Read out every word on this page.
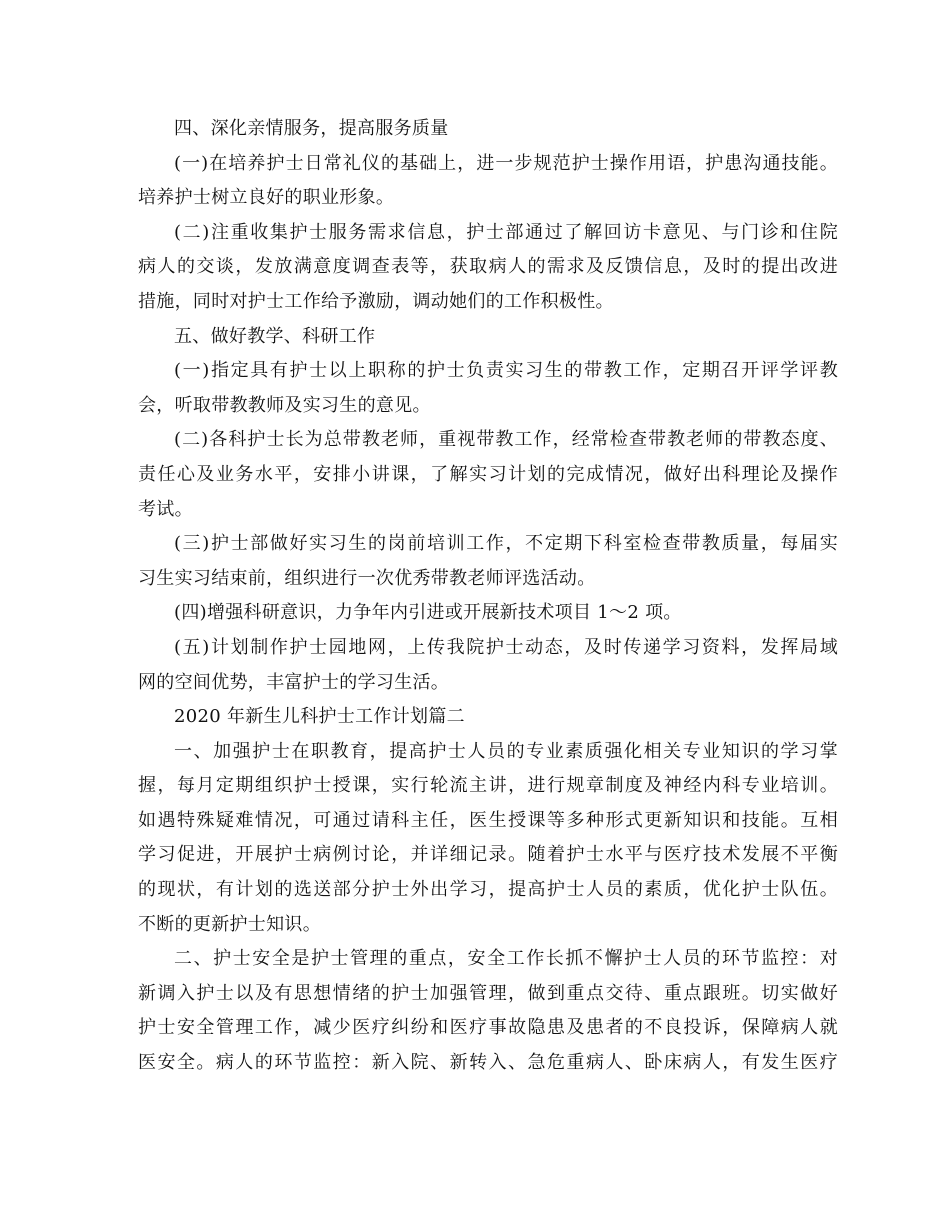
四、深化亲情服务，提高服务质量
(一)在培养护士日常礼仪的基础上，进一步规范护士操作用语，护患沟通技能。
培养护士树立良好的职业形象。
(二)注重收集护士服务需求信息，护士部通过了解回访卡意见、与门诊和住院
病人的交谈，发放满意度调查表等，获取病人的需求及反馈信息，及时的提出改进
措施，同时对护士工作给予激励，调动她们的工作积极性。
五、做好教学、科研工作
(一)指定具有护士以上职称的护士负责实习生的带教工作，定期召开评学评教
会，听取带教教师及实习生的意见。
(二)各科护士长为总带教老师，重视带教工作，经常检查带教老师的带教态度、
责任心及业务水平，安排小讲课，了解实习计划的完成情况，做好出科理论及操作
考试。
(三)护士部做好实习生的岗前培训工作，不定期下科室检查带教质量，每届实
习生实习结束前，组织进行一次优秀带教老师评选活动。
(四)增强科研意识，力争年内引进或开展新技术项目 1～2 项。
(五)计划制作护士园地网，上传我院护士动态，及时传递学习资料，发挥局域
网的空间优势，丰富护士的学习生活。
2020 年新生儿科护士工作计划篇二
一、加强护士在职教育，提高护士人员的专业素质强化相关专业知识的学习掌
握，每月定期组织护士授课，实行轮流主讲，进行规章制度及神经内科专业培训。
如遇特殊疑难情况，可通过请科主任，医生授课等多种形式更新知识和技能。互相
学习促进，开展护士病例讨论，并详细记录。随着护士水平与医疗技术发展不平衡
的现状，有计划的选送部分护士外出学习，提高护士人员的素质，优化护士队伍。
不断的更新护士知识。
二、护士安全是护士管理的重点，安全工作长抓不懈护士人员的环节监控：对
新调入护士以及有思想情绪的护士加强管理，做到重点交待、重点跟班。切实做好
护士安全管理工作，减少医疗纠纷和医疗事故隐患及患者的不良投诉，保障病人就
医安全。病人的环节监控：新入院、新转入、急危重病人、卧床病人，有发生医疗
